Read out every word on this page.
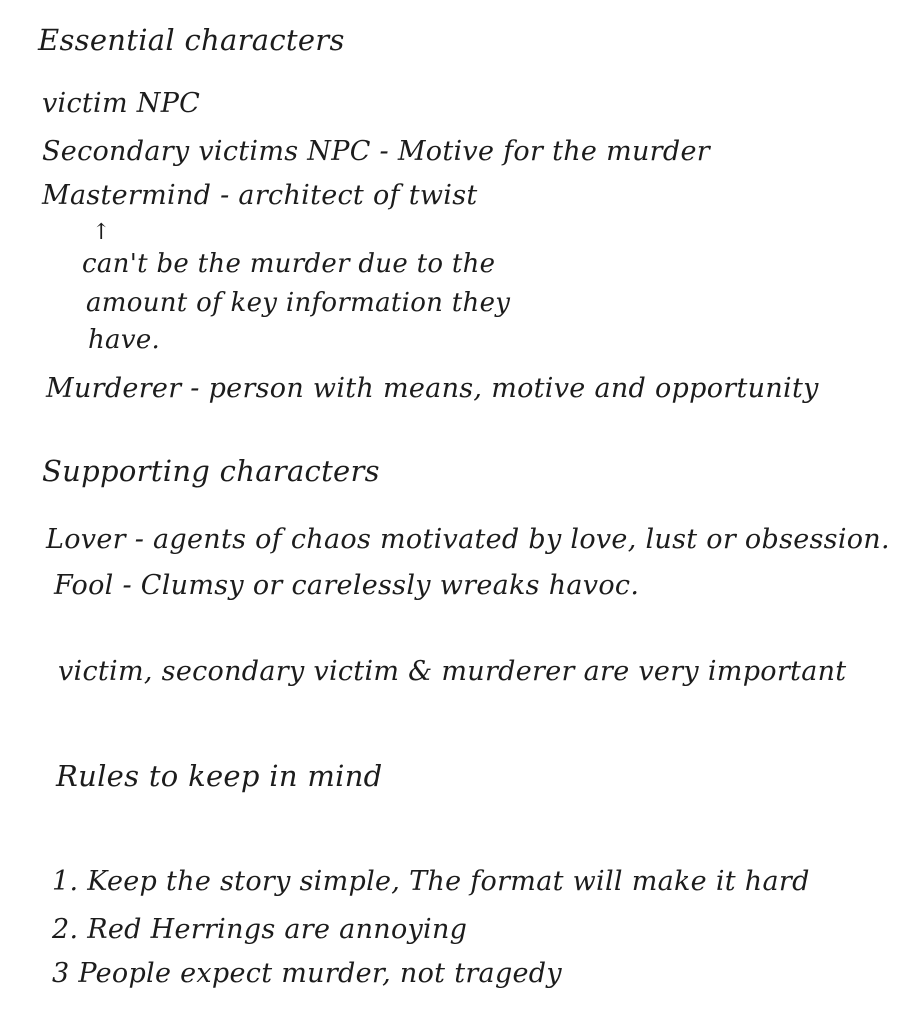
Essential characters
victim NPC
Secondary victims NPC - Motive for the murder
Mastermind - architect of twist
↑
can't be the murder due to the
amount of key information they
have.
Murderer - person with means, motive and opportunity
Supporting characters
Lover - agents of chaos motivated by love, lust or obsession.
Fool - Clumsy or carelessly wreaks havoc.
victim, secondary victim & murderer are very important
Rules to keep in mind
1. Keep the story simple, The format will make it hard
2. Red Herrings are annoying
3 People expect murder, not tragedy
